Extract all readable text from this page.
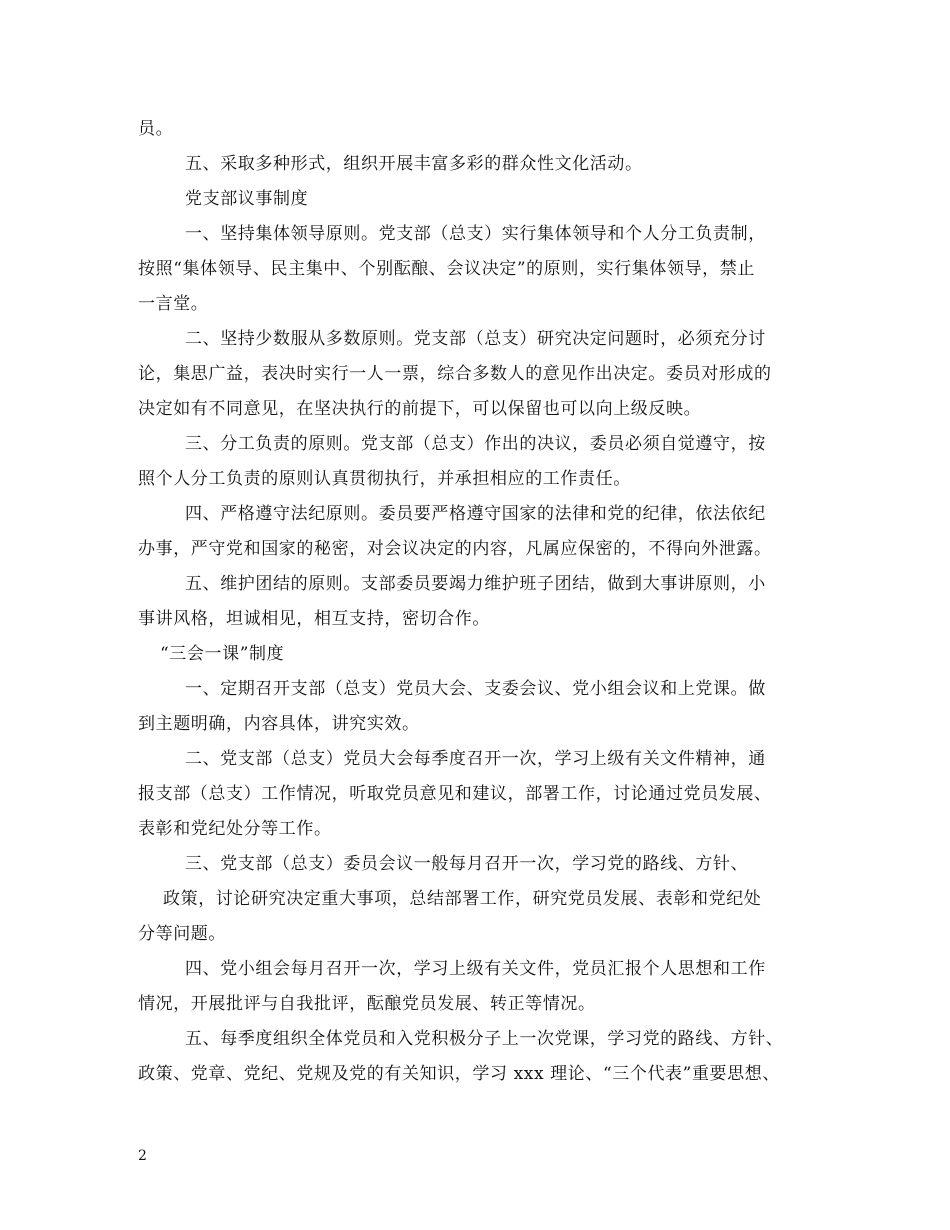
员。
五、采取多种形式，组织开展丰富多彩的群众性文化活动。
党支部议事制度
一、坚持集体领导原则。党支部（总支）实行集体领导和个人分工负责制，
按照“集体领导、民主集中、个别酝酿、会议决定”的原则，实行集体领导，禁止
一言堂。
二、坚持少数服从多数原则。党支部（总支）研究决定问题时，必须充分讨
论，集思广益，表决时实行一人一票，综合多数人的意见作出决定。委员对形成的
决定如有不同意见，在坚决执行的前提下，可以保留也可以向上级反映。
三、分工负责的原则。党支部（总支）作出的决议，委员必须自觉遵守，按
照个人分工负责的原则认真贯彻执行，并承担相应的工作责任。
四、严格遵守法纪原则。委员要严格遵守国家的法律和党的纪律，依法依纪
办事，严守党和国家的秘密，对会议决定的内容，凡属应保密的，不得向外泄露。
五、维护团结的原则。支部委员要竭力维护班子团结，做到大事讲原则，小
事讲风格，坦诚相见，相互支持，密切合作。
“三会一课”制度
一、定期召开支部（总支）党员大会、支委会议、党小组会议和上党课。做
到主题明确，内容具体，讲究实效。
二、党支部（总支）党员大会每季度召开一次，学习上级有关文件精神，通
报支部（总支）工作情况，听取党员意见和建议，部署工作，讨论通过党员发展、
表彰和党纪处分等工作。
三、党支部（总支）委员会议一般每月召开一次，学习党的路线、方针、
政策，讨论研究决定重大事项，总结部署工作，研究党员发展、表彰和党纪处
分等问题。
四、党小组会每月召开一次，学习上级有关文件，党员汇报个人思想和工作
情况，开展批评与自我批评，酝酿党员发展、转正等情况。
五、每季度组织全体党员和入党积极分子上一次党课，学习党的路线、方针、
政策、党章、党纪、党规及党的有关知识，学习 xxx 理论、“三个代表”重要思想、
2
